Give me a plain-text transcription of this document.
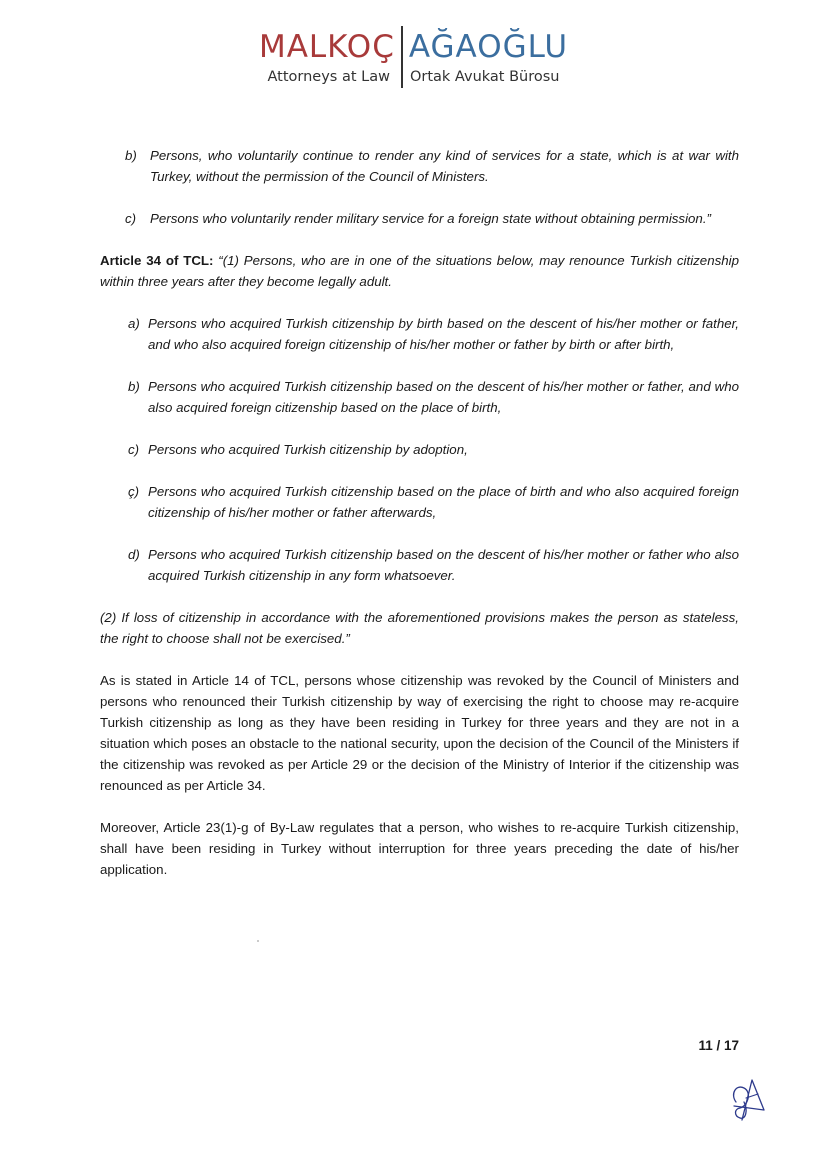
MALKOÇ AĞAOĞLU
Attorneys at Law Ortak Avukat Bürosu
b) Persons, who voluntarily continue to render any kind of services for a state, which is at war with Turkey, without the permission of the Council of Ministers.
c) Persons who voluntarily render military service for a foreign state without obtaining permission.”

Article 34 of TCL: “(1) Persons, who are in one of the situations below, may renounce Turkish citizenship within three years after they become legally adult.

a) Persons who acquired Turkish citizenship by birth based on the descent of his/her mother or father, and who also acquired foreign citizenship of his/her mother or father by birth or after birth,
b) Persons who acquired Turkish citizenship based on the descent of his/her mother or father, and who also acquired foreign citizenship based on the place of birth,
c) Persons who acquired Turkish citizenship by adoption,
ç) Persons who acquired Turkish citizenship based on the place of birth and who also acquired foreign citizenship of his/her mother or father afterwards,
d) Persons who acquired Turkish citizenship based on the descent of his/her mother or father who also acquired Turkish citizenship in any form whatsoever.

(2) If loss of citizenship in accordance with the aforementioned provisions makes the person as stateless, the right to choose shall not be exercised.”

As is stated in Article 14 of TCL, persons whose citizenship was revoked by the Council of Ministers and persons who renounced their Turkish citizenship by way of exercising the right to choose may re-acquire Turkish citizenship as long as they have been residing in Turkey for three years and they are not in a situation which poses an obstacle to the national security, upon the decision of the Council of the Ministers if the citizenship was revoked as per Article 29 or the decision of the Ministry of Interior if the citizenship was renounced as per Article 34.

Moreover, Article 23(1)-g of By-Law regulates that a person, who wishes to re-acquire Turkish citizenship, shall have been residing in Turkey without interruption for three years preceding the date of his/her application.

11 / 17
